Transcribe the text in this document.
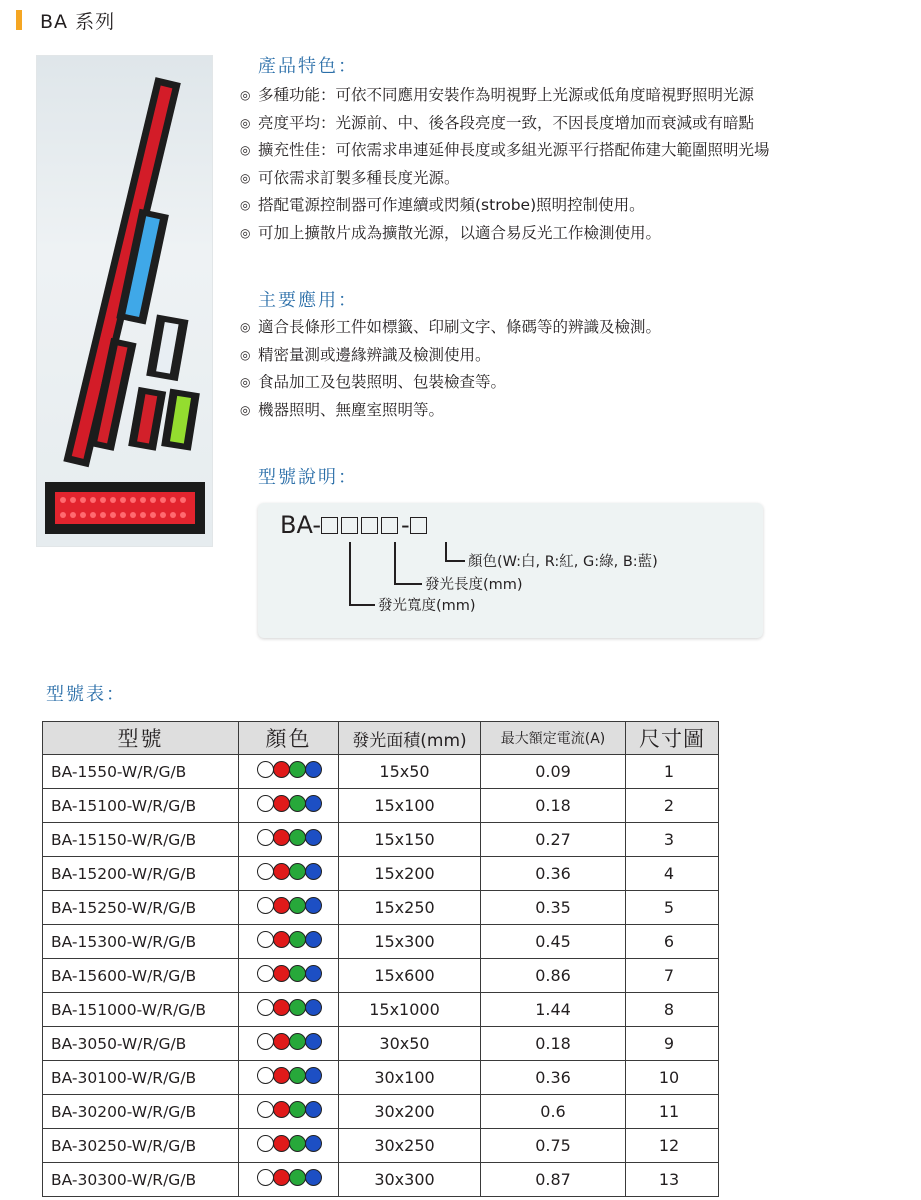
BA 系列
產品特色：
◎ 多種功能：可依不同應用安裝作為明視野上光源或低角度暗視野照明光源
◎ 亮度平均：光源前、中、後各段亮度一致，不因長度增加而衰減或有暗點
◎ 擴充性佳：可依需求串連延伸長度或多組光源平行搭配佈建大範圍照明光場
◎ 可依需求訂製多種長度光源。
◎ 搭配電源控制器可作連續或閃頻(strobe)照明控制使用。
◎ 可加上擴散片成為擴散光源，以適合易反光工作檢測使用。
主要應用：
◎ 適合長條形工件如標籤、印刷文字、條碼等的辨識及檢測。
◎ 精密量測或邊緣辨識及檢測使用。
◎ 食品加工及包裝照明、包裝檢查等。
◎ 機器照明、無塵室照明等。
型號說明：
BA-	-
顏色(W:白, R:紅, G:綠, B:藍)
發光長度(mm)
發光寬度(mm)
型號表：
型號	顏色	發光面積(mm)	最大額定電流(A)	尺寸圖
BA-1550-W/R/G/B		15x50	0.09	1
BA-15100-W/R/G/B		15x100	0.18	2
BA-15150-W/R/G/B		15x150	0.27	3
BA-15200-W/R/G/B		15x200	0.36	4
BA-15250-W/R/G/B		15x250	0.35	5
BA-15300-W/R/G/B		15x300	0.45	6
BA-15600-W/R/G/B		15x600	0.86	7
BA-151000-W/R/G/B		15x1000	1.44	8
BA-3050-W/R/G/B		30x50	0.18	9
BA-30100-W/R/G/B		30x100	0.36	10
BA-30200-W/R/G/B		30x200	0.6	11
BA-30250-W/R/G/B		30x250	0.75	12
BA-30300-W/R/G/B		30x300	0.87	13
